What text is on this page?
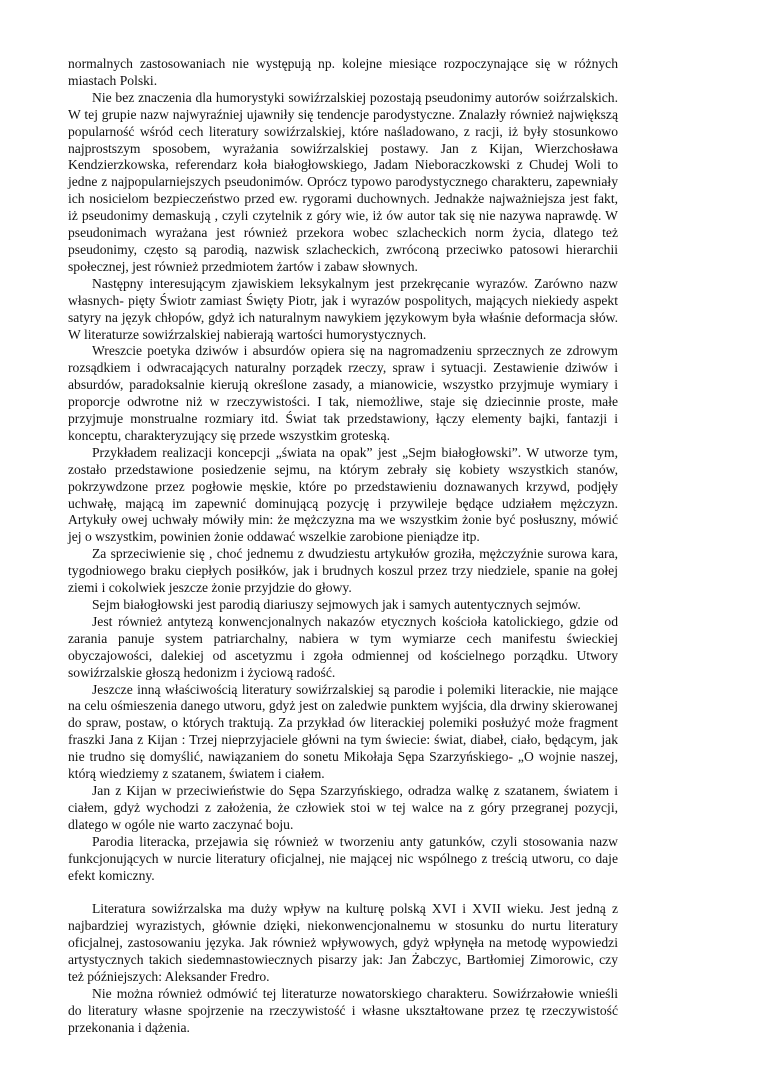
normalnych zastosowaniach nie występują np. kolejne miesiące rozpoczynające się w różnych miastach Polski.

Nie bez znaczenia dla humorystyki sowiźrzalskiej pozostają pseudonimy autorów soiźrzalskich. W tej grupie nazw najwyraźniej ujawniły się tendencje parodystyczne. Znalazły również największą popularność wśród cech literatury sowiźrzalskiej, które naśladowano, z racji, iż były stosunkowo najprostszym sposobem, wyrażania sowiźrzalskiej postawy. Jan z Kijan, Wierzchosława Kendzierzkowska, referendarz koła białogłowskiego, Jadam Nieboraczkowski z Chudej Woli to jedne z najpopularniejszych pseudonimów. Oprócz typowo parodystycznego charakteru, zapewniały ich nosicielom bezpieczeństwo przed ew. rygorami duchownych. Jednakże najważniejsza jest fakt, iż pseudonimy demaskują , czyli czytelnik z góry wie, iż ów autor tak się nie nazywa naprawdę. W pseudonimach wyrażana jest również przekora wobec szlacheckich norm życia, dlatego też pseudonimy, często są parodią, nazwisk szlacheckich, zwróconą przeciwko patosowi hierarchii społecznej, jest również przedmiotem żartów i zabaw słownych.

Następny interesującym zjawiskiem leksykalnym jest przekręcanie wyrazów. Zarówno nazw własnych- pięty Świotr zamiast Święty Piotr, jak i wyrazów pospolitych, mających niekiedy aspekt satyry na język chłopów, gdyż ich naturalnym nawykiem językowym była właśnie deformacja słów. W literaturze sowiźrzalskiej nabierają wartości humorystycznych.

Wreszcie poetyka dziwów i absurdów opiera się na nagromadzeniu sprzecznych ze zdrowym rozsądkiem i odwracających naturalny porządek rzeczy, spraw i sytuacji. Zestawienie dziwów i absurdów, paradoksalnie kierują określone zasady, a mianowicie, wszystko przyjmuje wymiary i proporcje odwrotne niż w rzeczywistości. I tak, niemożliwe, staje się dziecinnie proste, małe przyjmuje monstrualne rozmiary itd. Świat tak przedstawiony, łączy elementy bajki, fantazji i konceptu, charakteryzujący się przede wszystkim groteską.

Przykładem realizacji koncepcji „świata na opak” jest „Sejm białogłowski”. W utworze tym, zostało przedstawione posiedzenie sejmu, na którym zebrały się kobiety wszystkich stanów, pokrzywdzone przez pogłowie męskie, które po przedstawieniu doznawanych krzywd, podjęły uchwałę, mającą im zapewnić dominującą pozycję i przywileje będące udziałem mężczyzn. Artykuły owej uchwały mówiły min: że mężczyzna ma we wszystkim żonie być posłuszny, mówić jej o wszystkim, powinien żonie oddawać wszelkie zarobione pieniądze itp.

Za sprzeciwienie się , choć jednemu z dwudziestu artykułów groziła, mężczyźnie surowa kara, tygodniowego braku ciepłych posiłków, jak i brudnych koszul przez trzy niedziele, spanie na gołej ziemi i cokolwiek jeszcze żonie przyjdzie do głowy.

Sejm białogłowski jest parodią diariuszy sejmowych jak i samych autentycznych sejmów.

Jest również antytezą konwencjonalnych nakazów etycznych kościoła katolickiego, gdzie od zarania panuje system patriarchalny, nabiera w tym wymiarze cech manifestu świeckiej obyczajowości, dalekiej od ascetyzmu i zgoła odmiennej od kościelnego porządku. Utwory sowiźrzalskie głoszą hedonizm i życiową radość.

Jeszcze inną właściwością literatury sowiźrzalskiej są parodie i polemiki literackie, nie mające na celu ośmieszenia danego utworu, gdyż jest on zaledwie punktem wyjścia, dla drwiny skierowanej do spraw, postaw, o których traktują. Za przykład ów literackiej polemiki posłużyć może fragment fraszki Jana z Kijan : Trzej nieprzyjaciele główni na tym świecie: świat, diabeł, ciało, będącym, jak nie trudno się domyślić, nawiązaniem do sonetu Mikołaja Sępa Szarzyńskiego- „O wojnie naszej, którą wiedziemy z szatanem, światem i ciałem.

Jan z Kijan w przeciwieństwie do Sępa Szarzyńskiego, odradza walkę z szatanem, światem i ciałem, gdyż wychodzi z założenia, że człowiek stoi w tej walce na z góry przegranej pozycji, dlatego w ogóle nie warto zaczynać boju.

Parodia literacka, przejawia się również w tworzeniu anty gatunków, czyli stosowania nazw funkcjonujących w nurcie literatury oficjalnej, nie mającej nic wspólnego z treścią utworu, co daje efekt komiczny.

Literatura sowiźrzalska ma duży wpływ na kulturę polską XVI i XVII wieku. Jest jedną z najbardziej wyrazistych, głównie dzięki, niekonwencjonalnemu w stosunku do nurtu literatury oficjalnej, zastosowaniu języka. Jak również wpływowych, gdyż wpłynęła na metodę wypowiedzi artystycznych takich siedemnastowiecznych pisarzy jak: Jan Żabczyc, Bartłomiej Zimorowic, czy też późniejszych: Aleksander Fredro.

Nie można również odmówić tej literaturze nowatorskiego charakteru. Sowiźrzałowie wnieśli do literatury własne spojrzenie na rzeczywistość i własne ukształtowane przez tę rzeczywistość przekonania i dążenia.
